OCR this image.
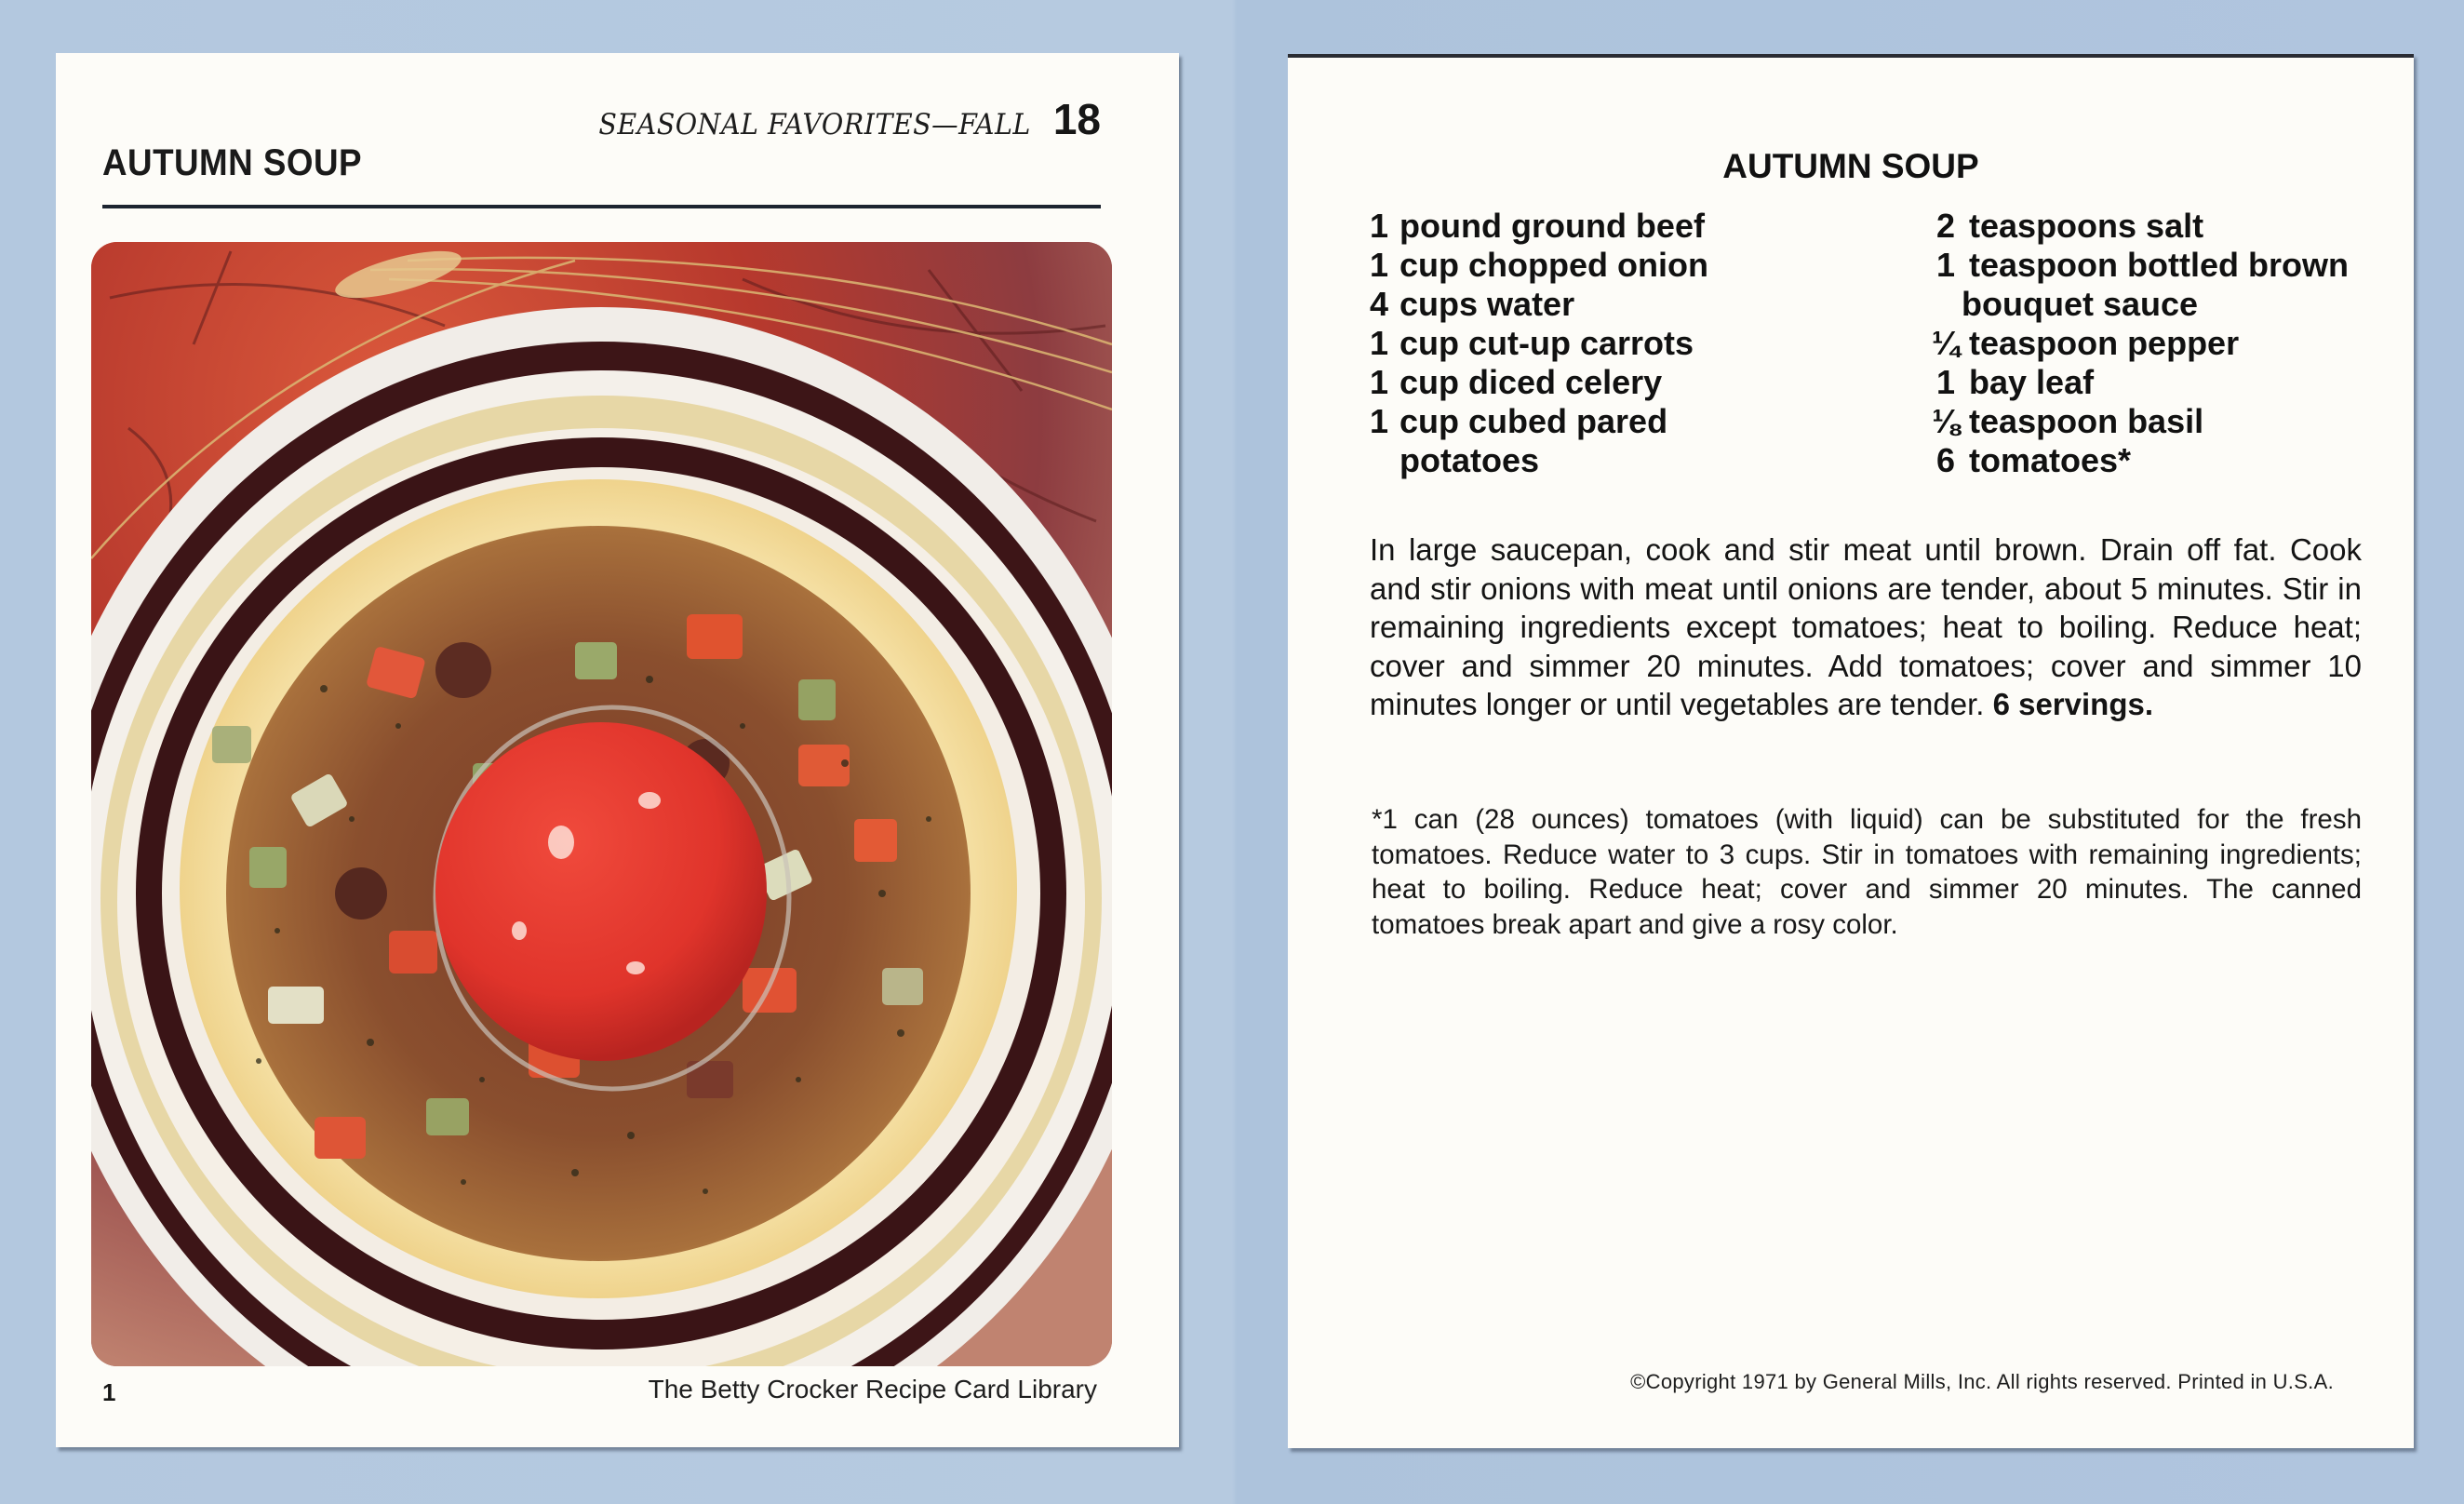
SEASONAL FAVORITES—FALL 18
AUTUMN SOUP
1	The Betty Crocker Recipe Card Library
AUTUMN SOUP
1 pound ground beef
1 cup chopped onion
4 cups water
1 cup cut-up carrots
1 cup diced celery
1 cup cubed pared
potatoes
2 teaspoons salt
1 teaspoon bottled brown
bouquet sauce
¼ teaspoon pepper
1 bay leaf
⅛ teaspoon basil
6 tomatoes*
In large saucepan, cook and stir meat until brown. Drain off fat. Cook and stir onions with meat until onions are tender, about 5 minutes. Stir in remaining ingredients except tomatoes; heat to boiling. Reduce heat; cover and simmer 20 minutes. Add tomatoes; cover and simmer 10 minutes longer or until vegetables are tender. 6 servings.
*1 can (28 ounces) tomatoes (with liquid) can be substituted for the fresh tomatoes. Reduce water to 3 cups. Stir in tomatoes with remaining ingredients; heat to boiling. Reduce heat; cover and simmer 20 minutes. The canned tomatoes break apart and give a rosy color.
©Copyright 1971 by General Mills, Inc. All rights reserved. Printed in U.S.A.
